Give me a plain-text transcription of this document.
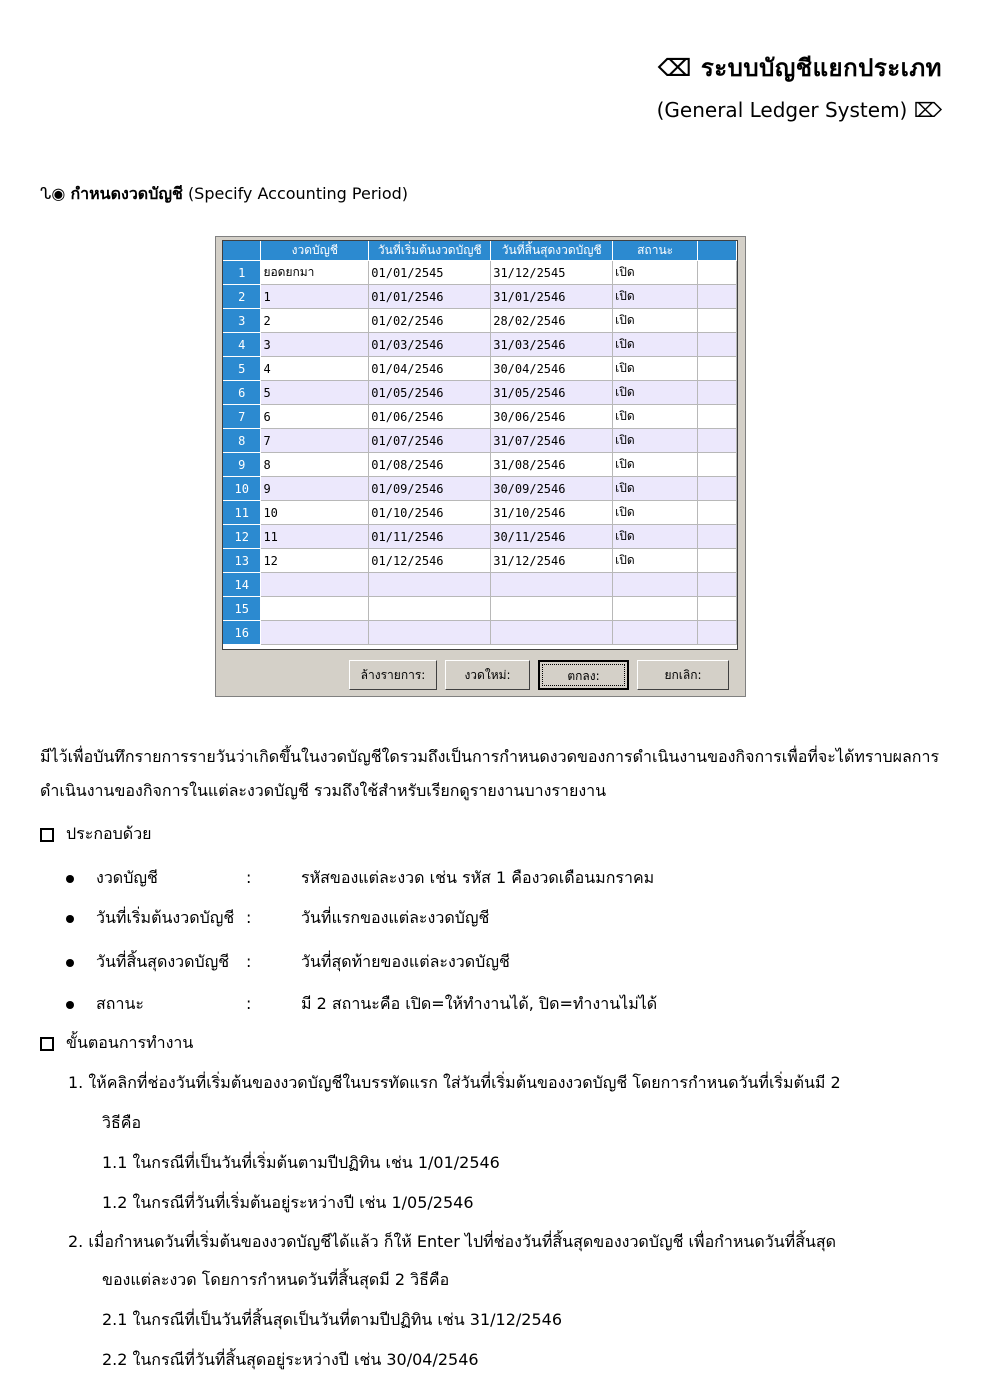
⌫ ระบบบัญชีแยกประเภท
(General Ledger System) ⌦
ᔐ◉ กำหนดงวดบัญชี (Specify Accounting Period)
	งวดบัญชี	วันที่เริ่มต้นงวดบัญชี	วันที่สิ้นสุดงวดบัญชี	สถานะ	
1	ยอดยกมา	01/01/2545	31/12/2545	เปิด	
2	1	01/01/2546	31/01/2546	เปิด	
3	2	01/02/2546	28/02/2546	เปิด	
4	3	01/03/2546	31/03/2546	เปิด	
5	4	01/04/2546	30/04/2546	เปิด	
6	5	01/05/2546	31/05/2546	เปิด	
7	6	01/06/2546	30/06/2546	เปิด	
8	7	01/07/2546	31/07/2546	เปิด	
9	8	01/08/2546	31/08/2546	เปิด	
10	9	01/09/2546	30/09/2546	เปิด	
11	10	01/10/2546	31/10/2546	เปิด	
12	11	01/11/2546	30/11/2546	เปิด	
13	12	01/12/2546	31/12/2546	เปิด	
14					
15					
16					
ล้างรายการ:	งวดใหม่:	ตกลง:	ยกเลิก:
มีไว้เพื่อบันทึกรายการรายวันว่าเกิดขึ้นในงวดบัญชีใดรวมถึงเป็นการกำหนดงวดของการดำเนินงานของกิจการเพื่อที่จะได้ทราบผลการดำเนินงานของกิจการในแต่ละงวดบัญชี รวมถึงใช้สำหรับเรียกดูรายงานบางรายงาน
ประกอบด้วย
งวดบัญชี	:	รหัสของแต่ละงวด เช่น รหัส 1 คืองวดเดือนมกราคม
วันที่เริ่มต้นงวดบัญชี :	วันที่แรกของแต่ละงวดบัญชี
วันที่สิ้นสุดงวดบัญชี :	วันที่สุดท้ายของแต่ละงวดบัญชี
สถานะ	:	มี 2 สถานะคือ เปิด=ให้ทำงานได้, ปิด=ทำงานไม่ได้
ขั้นตอนการทำงาน
1. ให้คลิกที่ช่องวันที่เริ่มต้นของงวดบัญชีในบรรทัดแรก ใส่วันที่เริ่มต้นของงวดบัญชี โดยการกำหนดวันที่เริ่มต้นมี 2
วิธีคือ
1.1 ในกรณีที่เป็นวันที่เริ่มต้นตามปีปฏิทิน เช่น 1/01/2546
1.2 ในกรณีที่วันที่เริ่มต้นอยู่ระหว่างปี เช่น 1/05/2546
2. เมื่อกำหนดวันที่เริ่มต้นของงวดบัญชีได้แล้ว ก็ให้ Enter ไปที่ช่องวันที่สิ้นสุดของงวดบัญชี เพื่อกำหนดวันที่สิ้นสุด
ของแต่ละงวด โดยการกำหนดวันที่สิ้นสุดมี 2 วิธีคือ
2.1 ในกรณีที่เป็นวันที่สิ้นสุดเป็นวันที่ตามปีปฏิทิน เช่น 31/12/2546
2.2 ในกรณีที่วันที่สิ้นสุดอยู่ระหว่างปี เช่น 30/04/2546
